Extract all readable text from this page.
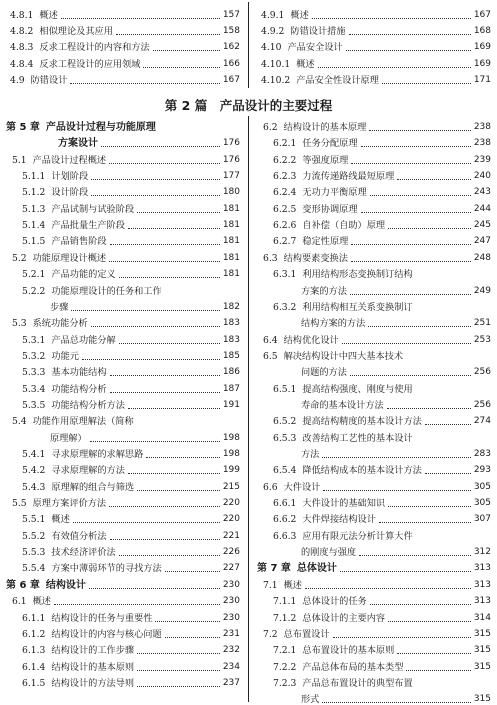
4.8.1 概述	157
4.8.2 相似理论及其应用	158
4.8.3 反求工程设计的内容和方法	162
4.8.4 反求工程设计的应用领域	166
4.9 防错设计	167
4.9.1 概述	167
4.9.2 防错设计措施	168
4.10 产品安全设计	169
4.10.1 概述	169
4.10.2 产品安全性设计原理	171
第 2 篇　产品设计的主要过程
第 5 章 产品设计过程与功能原理
方案设计	176
5.1 产品设计过程概述	176
5.1.1 计划阶段	177
5.1.2 设计阶段	180
5.1.3 产品试制与试验阶段	181
5.1.4 产品批量生产阶段	181
5.1.5 产品销售阶段	181
5.2 功能原理设计概述	181
5.2.1 产品功能的定义	181
5.2.2 功能原理设计的任务和工作
步骤	182
5.3 系统功能分析	183
5.3.1 产品总功能分解	183
5.3.2 功能元	185
5.3.3 基本功能结构	186
5.3.4 功能结构分析	187
5.3.5 功能结构分析方法	191
5.4 功能作用原理解法（简称
原理解）	198
5.4.1 寻求原理解的求解思路	198
5.4.2 寻求原理解的方法	199
5.4.3 原理解的组合与筛选	215
5.5 原理方案评价方法	220
5.5.1 概述	220
5.5.2 有效值分析法	221
5.5.3 技术经济评价法	226
5.5.4 方案中薄弱环节的寻找方法	227
第 6 章 结构设计	230
6.1 概述	230
6.1.1 结构设计的任务与重要性	230
6.1.2 结构设计的内容与核心问题	231
6.1.3 结构设计的工作步骤	232
6.1.4 结构设计的基本原则	234
6.1.5 结构设计的方法导则	237
6.2 结构设计的基本原理	238
6.2.1 任务分配原理	238
6.2.2 等强度原理	239
6.2.3 力流传递路线最短原理	240
6.2.4 无功力平衡原理	243
6.2.5 变形协调原理	244
6.2.6 自补偿（自助）原理	245
6.2.7 稳定性原理	247
6.3 结构要素变换法	248
6.3.1 利用结构形态变换制订结构
方案的方法	249
6.3.2 利用结构相互关系变换制订
结构方案的方法	251
6.4 结构优化设计	253
6.5 解决结构设计中四大基本技术
问题的方法	256
6.5.1 提高结构强度、刚度与使用
寿命的基本设计方法	256
6.5.2 提高结构精度的基本设计方法	274
6.5.3 改善结构工艺性的基本设计
方法	283
6.5.4 降低结构成本的基本设计方法	293
6.6 大件设计	305
6.6.1 大件设计的基础知识	305
6.6.2 大件焊接结构设计	307
6.6.3 应用有限元法分析计算大件
的刚度与强度	312
第 7 章 总体设计	313
7.1 概述	313
7.1.1 总体设计的任务	313
7.1.2 总体设计的主要内容	314
7.2 总布置设计	315
7.2.1 总布置设计的基本原则	315
7.2.2 产品总体布局的基本类型	315
7.2.3 产品总布置设计的典型布置
形式	315
